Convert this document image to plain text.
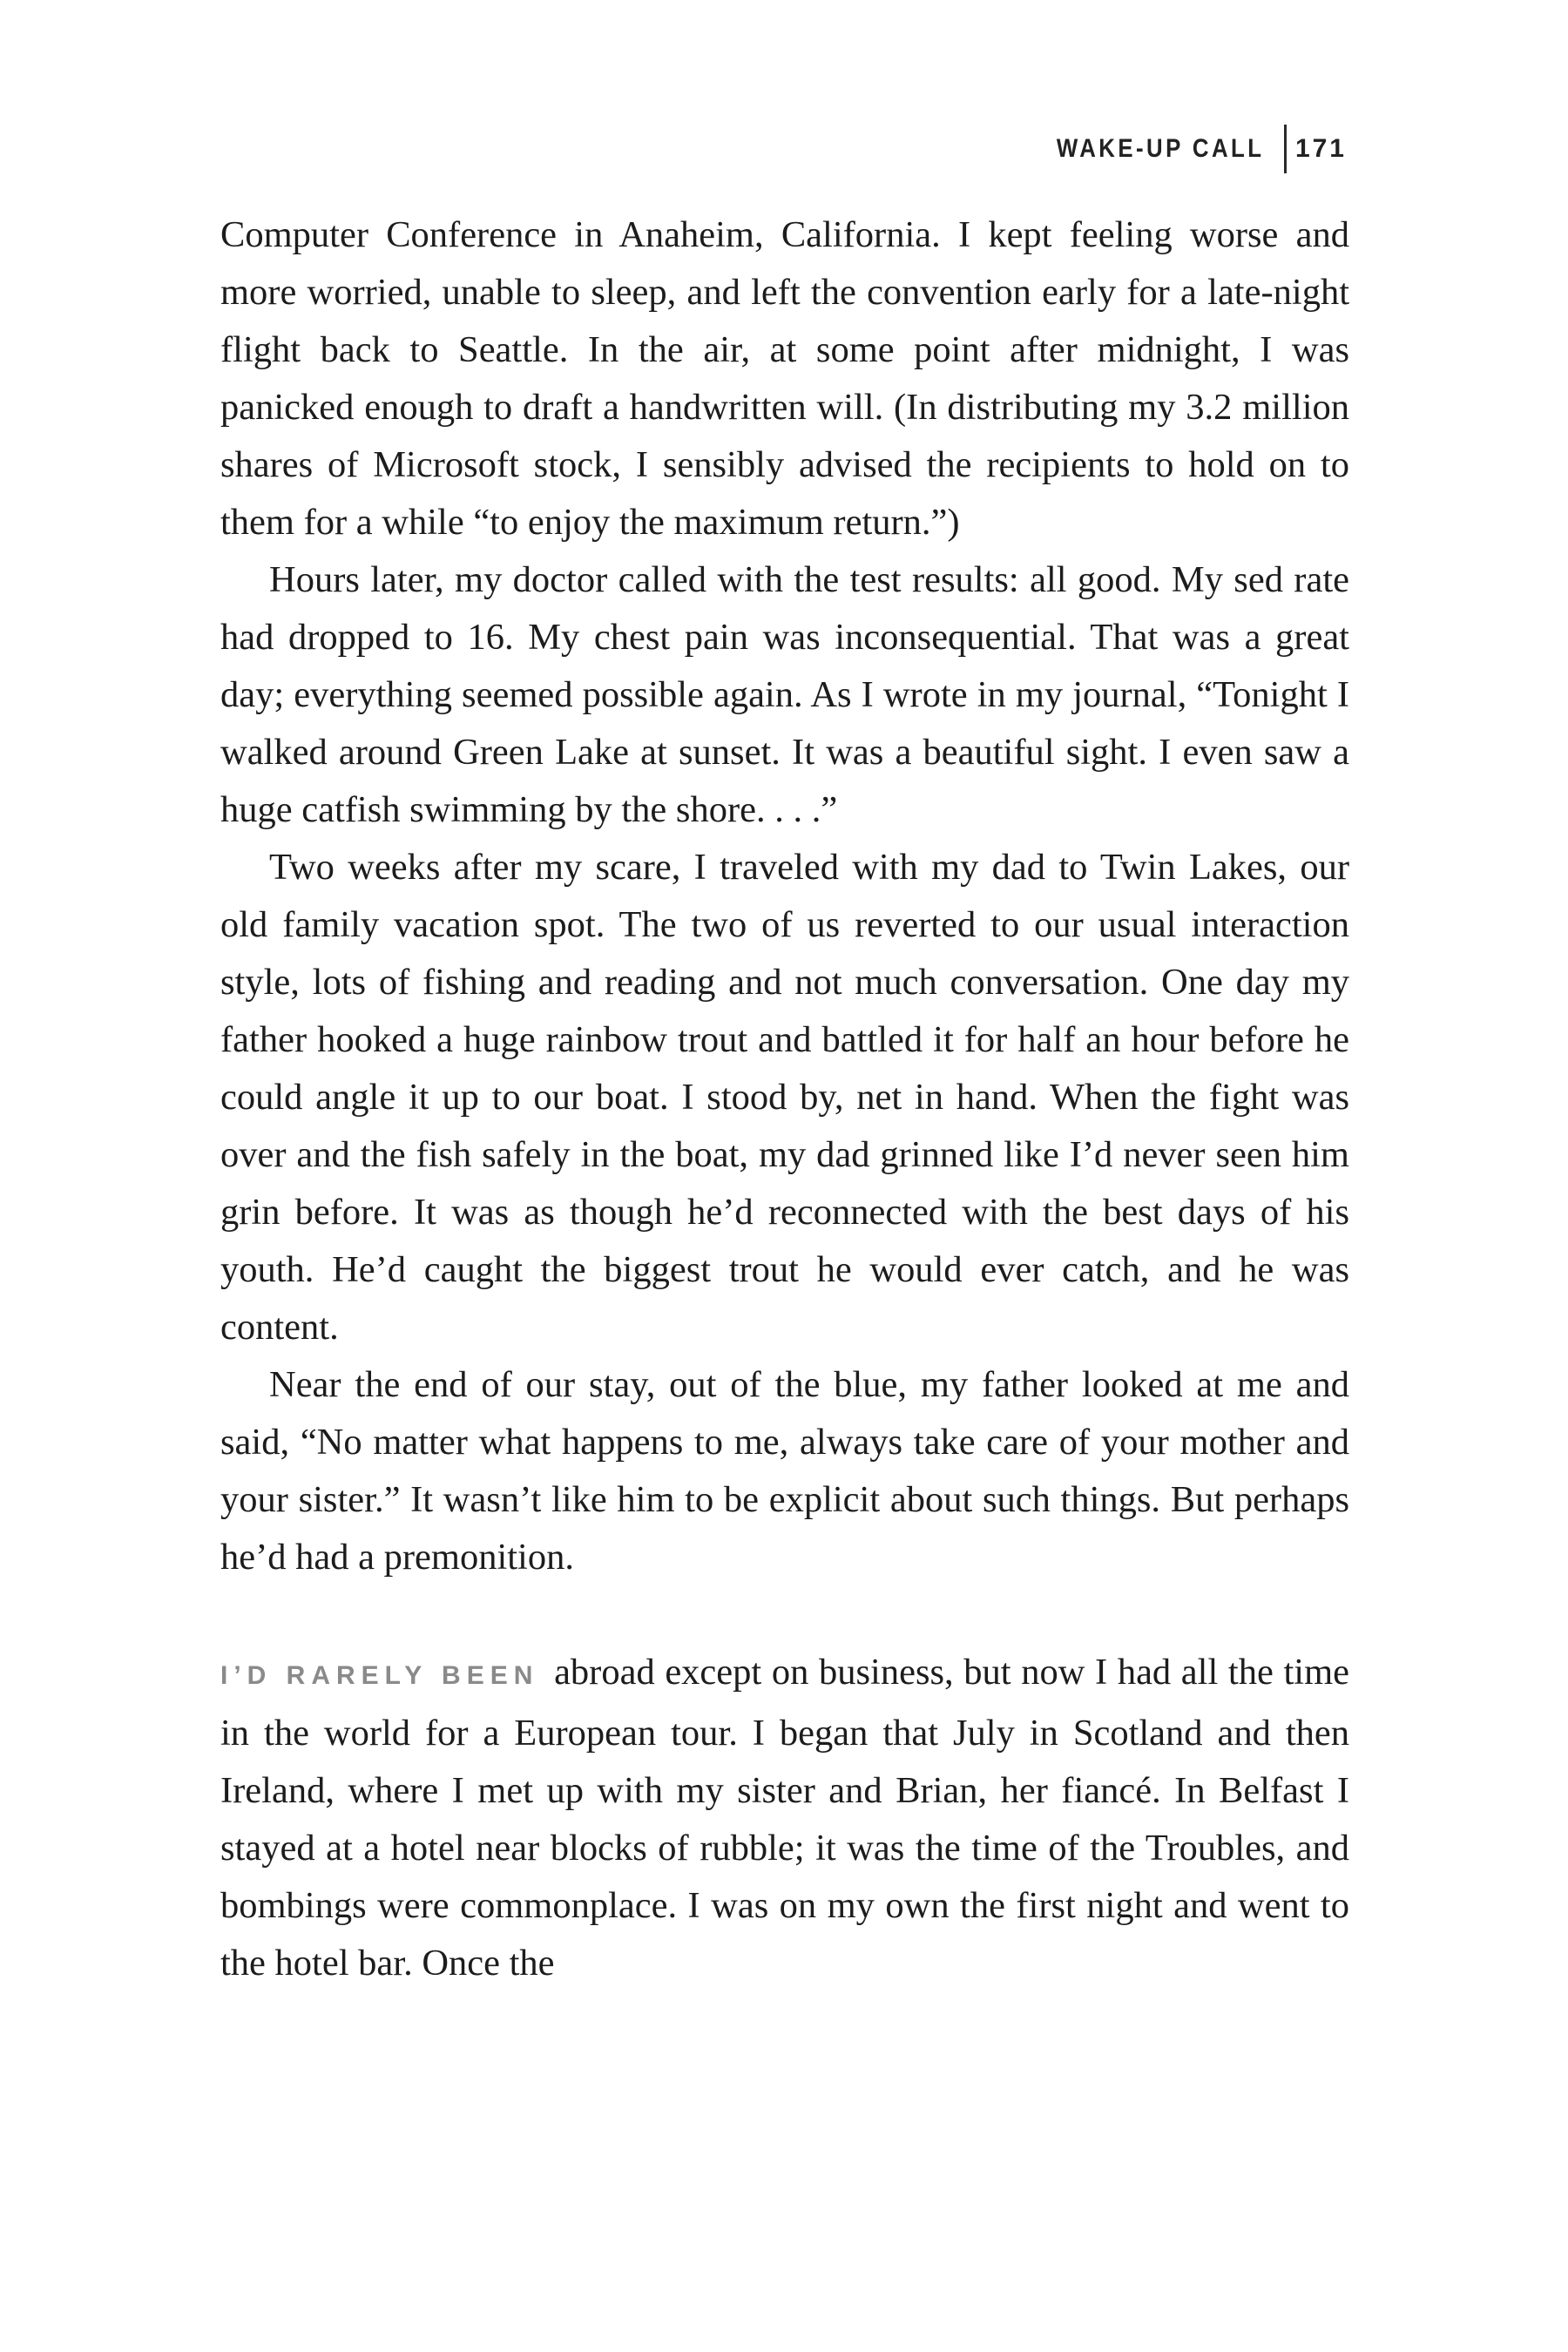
WAKE-UP CALL 171

Computer Conference in Anaheim, California. I kept feeling worse and more worried, unable to sleep, and left the convention early for a late-night flight back to Seattle. In the air, at some point after midnight, I was panicked enough to draft a handwritten will. (In distributing my 3.2 million shares of Microsoft stock, I sensibly advised the recipients to hold on to them for a while “to enjoy the maximum return.”)

Hours later, my doctor called with the test results: all good. My sed rate had dropped to 16. My chest pain was inconsequential. That was a great day; everything seemed possible again. As I wrote in my journal, “Tonight I walked around Green Lake at sunset. It was a beautiful sight. I even saw a huge catfish swimming by the shore. . . .”

Two weeks after my scare, I traveled with my dad to Twin Lakes, our old family vacation spot. The two of us reverted to our usual interaction style, lots of fishing and reading and not much conversation. One day my father hooked a huge rainbow trout and battled it for half an hour before he could angle it up to our boat. I stood by, net in hand. When the fight was over and the fish safely in the boat, my dad grinned like I’d never seen him grin before. It was as though he’d reconnected with the best days of his youth. He’d caught the biggest trout he would ever catch, and he was content.

Near the end of our stay, out of the blue, my father looked at me and said, “No matter what happens to me, always take care of your mother and your sister.” It wasn’t like him to be explicit about such things. But perhaps he’d had a premonition.

I’D RARELY BEEN abroad except on business, but now I had all the time in the world for a European tour. I began that July in Scotland and then Ireland, where I met up with my sister and Brian, her fiancé. In Belfast I stayed at a hotel near blocks of rubble; it was the time of the Troubles, and bombings were commonplace. I was on my own the first night and went to the hotel bar. Once the
